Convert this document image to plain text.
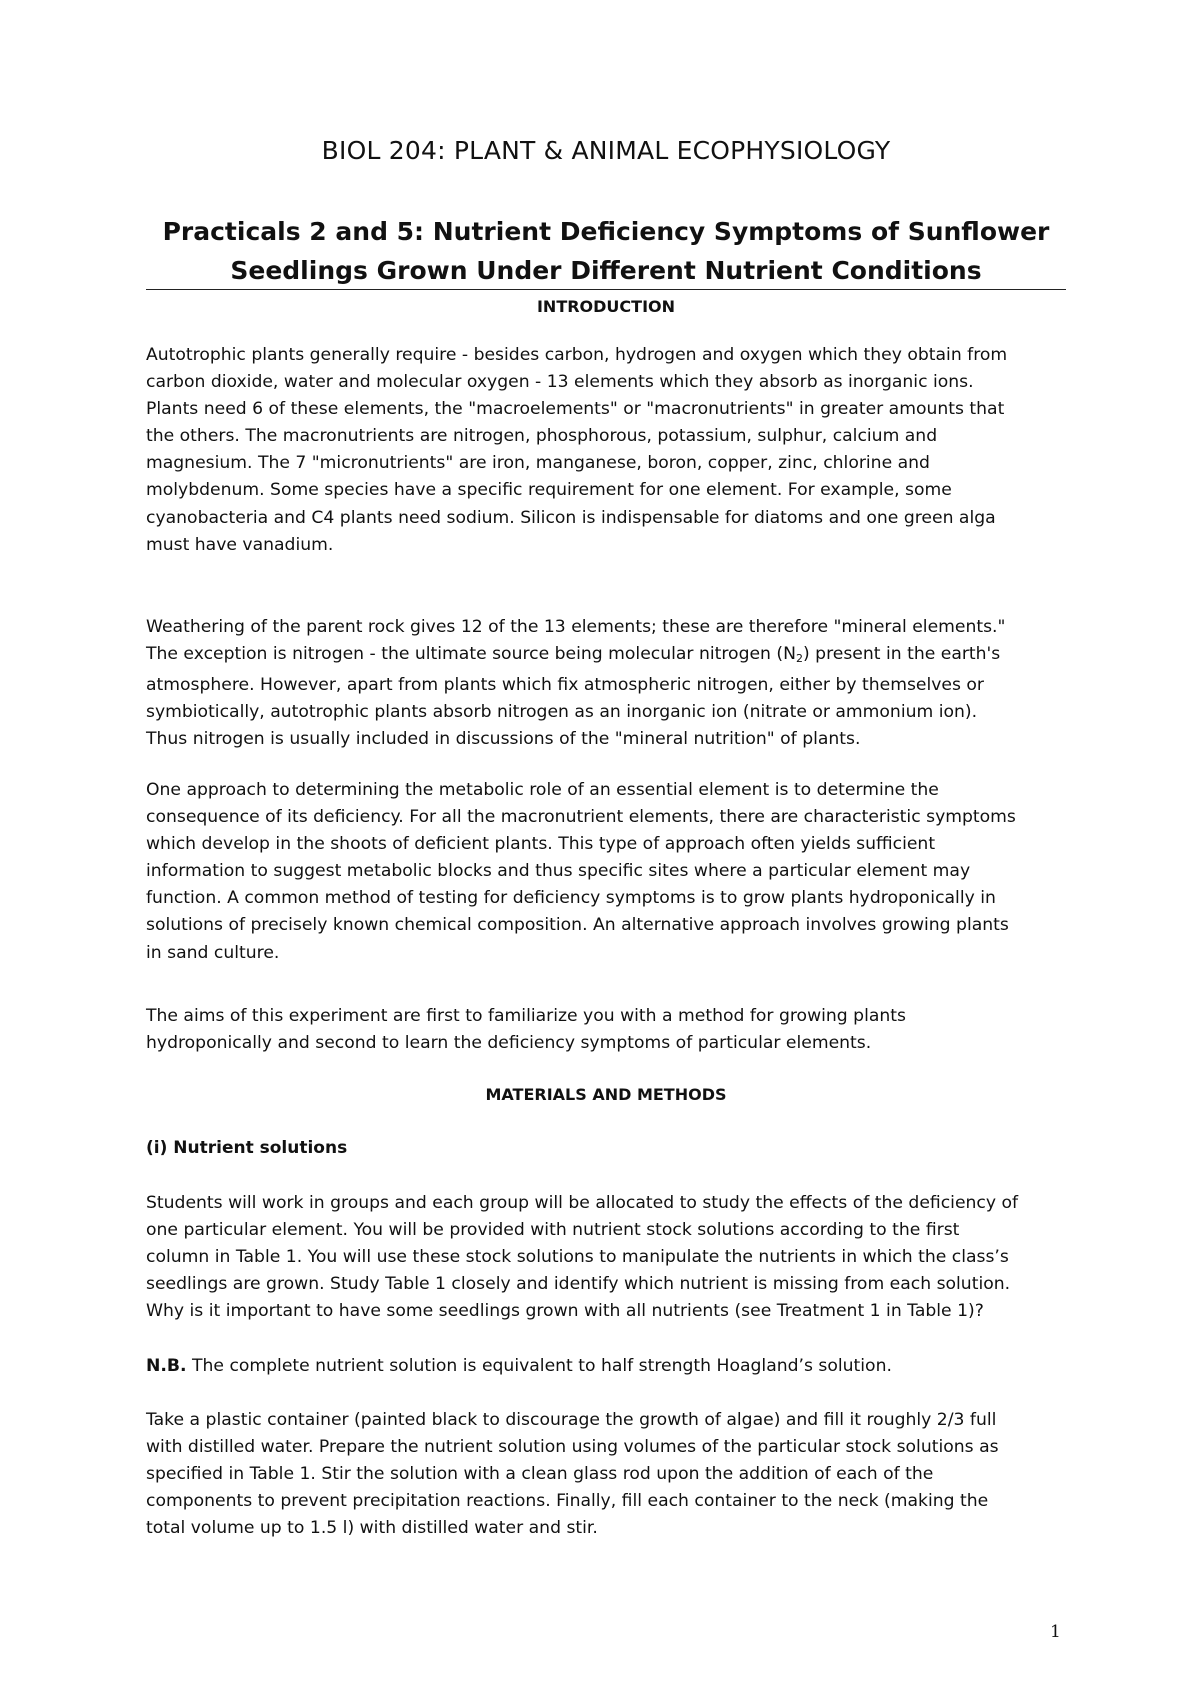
BIOL 204: PLANT & ANIMAL ECOPHYSIOLOGY
Practicals 2 and 5: Nutrient Deficiency Symptoms of Sunflower
Seedlings Grown Under Different Nutrient Conditions
INTRODUCTION

Autotrophic plants generally require - besides carbon, hydrogen and oxygen which they obtain from
carbon dioxide, water and molecular oxygen - 13 elements which they absorb as inorganic ions.
Plants need 6 of these elements, the "macroelements" or "macronutrients" in greater amounts that
the others. The macronutrients are nitrogen, phosphorous, potassium, sulphur, calcium and
magnesium. The 7 "micronutrients" are iron, manganese, boron, copper, zinc, chlorine and
molybdenum. Some species have a specific requirement for one element. For example, some
cyanobacteria and C4 plants need sodium. Silicon is indispensable for diatoms and one green alga
must have vanadium.

Weathering of the parent rock gives 12 of the 13 elements; these are therefore "mineral elements."
The exception is nitrogen - the ultimate source being molecular nitrogen $(N_2)$ present in the earth's
atmosphere. However, apart from plants which fix atmospheric nitrogen, either by themselves or
symbiotically, autotrophic plants absorb nitrogen as an inorganic ion (nitrate or ammonium ion).
Thus nitrogen is usually included in discussions of the "mineral nutrition" of plants.

One approach to determining the metabolic role of an essential element is to determine the
consequence of its deficiency. For all the macronutrient elements, there are characteristic symptoms
which develop in the shoots of deficient plants. This type of approach often yields sufficient
information to suggest metabolic blocks and thus specific sites where a particular element may
function. A common method of testing for deficiency symptoms is to grow plants hydroponically in
solutions of precisely known chemical composition. An alternative approach involves growing plants
in sand culture.

The aims of this experiment are first to familiarize you with a method for growing plants
hydroponically and second to learn the deficiency symptoms of particular elements.

MATERIALS AND METHODS
(i) Nutrient solutions

Students will work in groups and each group will be allocated to study the effects of the deficiency of
one particular element. You will be provided with nutrient stock solutions according to the first
column in Table 1. You will use these stock solutions to manipulate the nutrients in which the class’s
seedlings are grown. Study Table 1 closely and identify which nutrient is missing from each solution.
Why is it important to have some seedlings grown with all nutrients (see Treatment 1 in Table 1)?

N.B. The complete nutrient solution is equivalent to half strength Hoagland’s solution.

Take a plastic container (painted black to discourage the growth of algae) and fill it roughly 2/3 full
with distilled water. Prepare the nutrient solution using volumes of the particular stock solutions as
specified in Table 1. Stir the solution with a clean glass rod upon the addition of each of the
components to prevent precipitation reactions. Finally, fill each container to the neck (making the
total volume up to 1.5 l) with distilled water and stir.

1
